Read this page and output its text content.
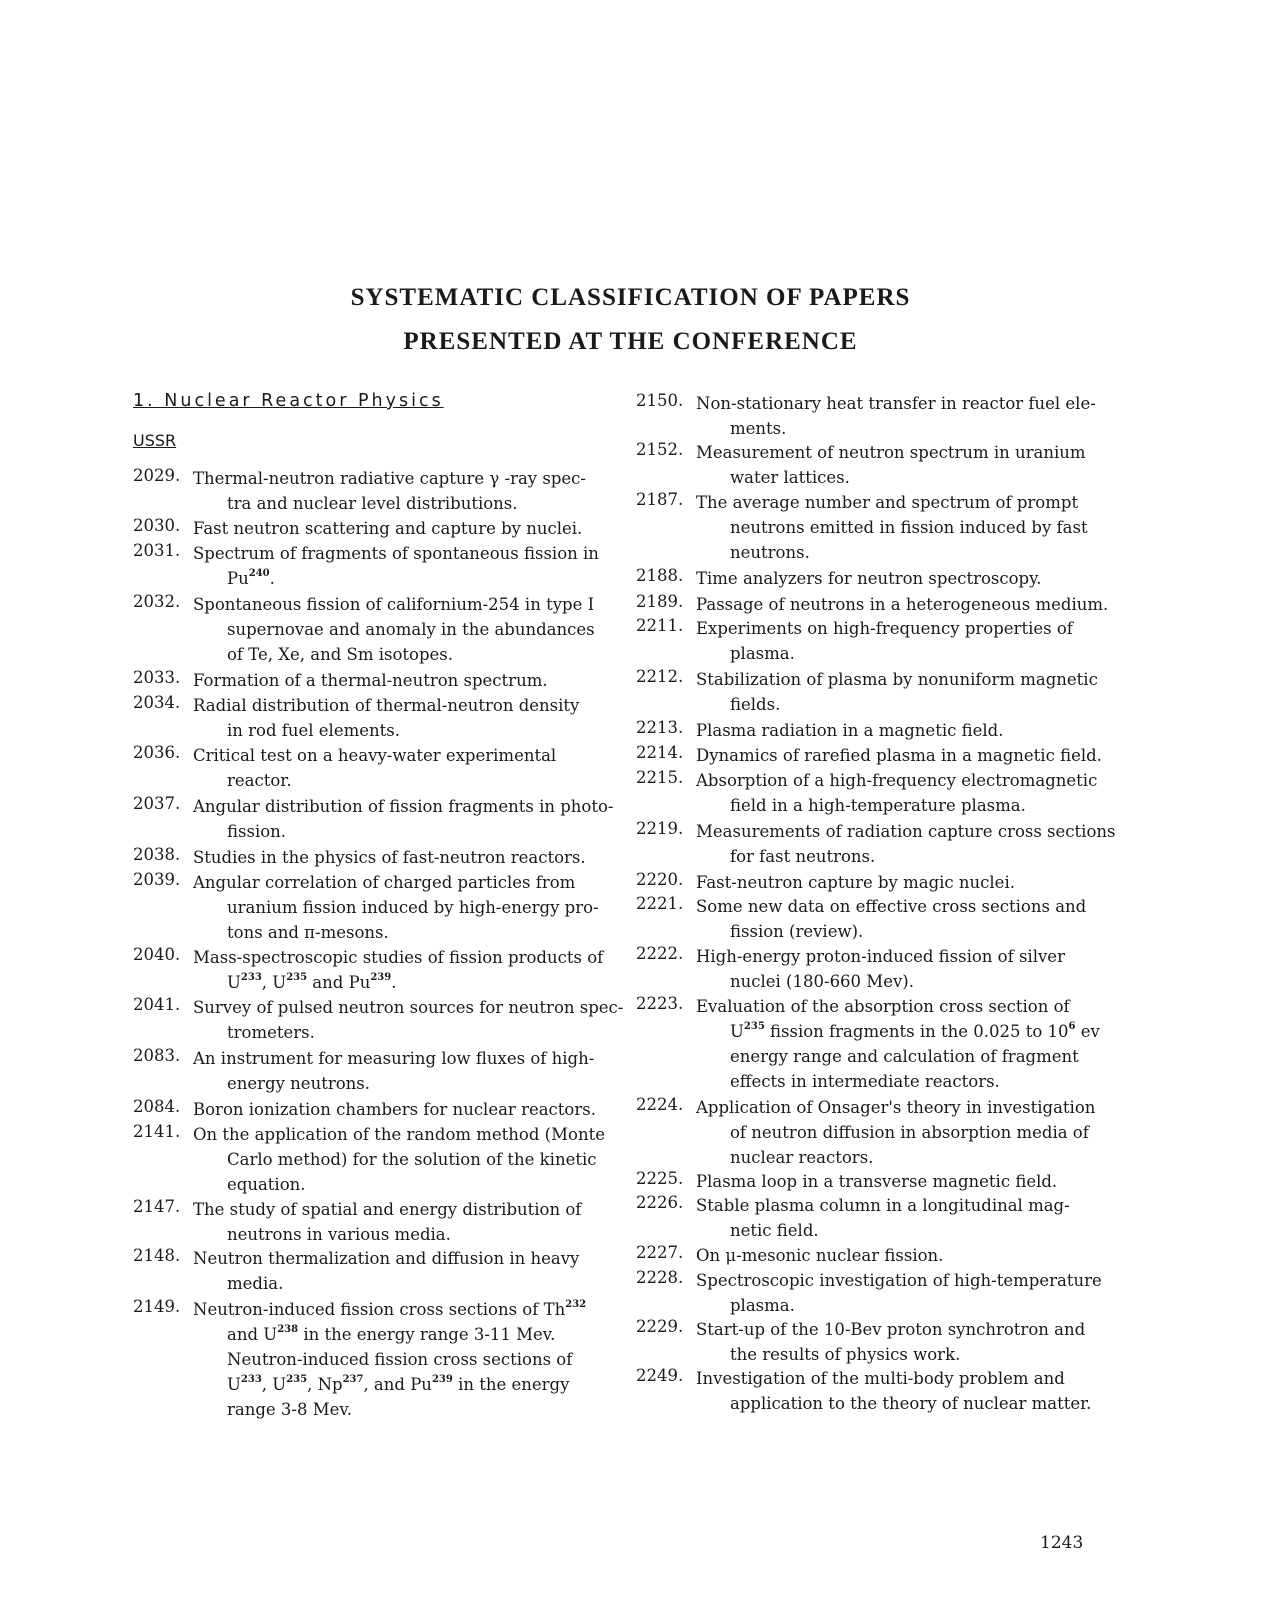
SYSTEMATIC CLASSIFICATION OF PAPERS
PRESENTED AT THE CONFERENCE
1. Nuclear Reactor Physics
USSR
2029. Thermal-neutron radiative capture γ -ray spec-
tra and nuclear level distributions.
2030. Fast neutron scattering and capture by nuclei.
2031. Spectrum of fragments of spontaneous fission in
Pu$^{240}$.
2032. Spontaneous fission of californium-254 in type I
supernovae and anomaly in the abundances
of Te, Xe, and Sm isotopes.
2033. Formation of a thermal-neutron spectrum.
2034. Radial distribution of thermal-neutron density
in rod fuel elements.
2036. Critical test on a heavy-water experimental
reactor.
2037. Angular distribution of fission fragments in photo-
fission.
2038. Studies in the physics of fast-neutron reactors.
2039. Angular correlation of charged particles from
uranium fission induced by high-energy pro-
tons and π-mesons.
2040. Mass-spectroscopic studies of fission products of
$U^{233}$, $U^{235}$ and Pu$^{239}$.
2041. Survey of pulsed neutron sources for neutron spec-
trometers.
2083. An instrument for measuring low fluxes of high-
energy neutrons.
2084. Boron ionization chambers for nuclear reactors.
2141. On the application of the random method (Monte
Carlo method) for the solution of the kinetic
equation.
2147. The study of spatial and energy distribution of
neutrons in various media.
2148. Neutron thermalization and diffusion in heavy
media.
2149. Neutron-induced fission cross sections of Th$^{232}$
and $U^{238}$ in the energy range 3-11 Mev.
Neutron-induced fission cross sections of
$U^{233}$, $U^{235}$, Np$^{237}$, and Pu$^{239}$ in the energy
range 3-8 Mev.
2150. Non-stationary heat transfer in reactor fuel ele-
ments.
2152. Measurement of neutron spectrum in uranium
water lattices.
2187. The average number and spectrum of prompt
neutrons emitted in fission induced by fast
neutrons.
2188. Time analyzers for neutron spectroscopy.
2189. Passage of neutrons in a heterogeneous medium.
2211. Experiments on high-frequency properties of
plasma.
2212. Stabilization of plasma by nonuniform magnetic
fields.
2213. Plasma radiation in a magnetic field.
2214. Dynamics of rarefied plasma in a magnetic field.
2215. Absorption of a high-frequency electromagnetic
field in a high-temperature plasma.
2219. Measurements of radiation capture cross sections
for fast neutrons.
2220. Fast-neutron capture by magic nuclei.
2221. Some new data on effective cross sections and
fission (review).
2222. High-energy proton-induced fission of silver
nuclei (180-660 Mev).
2223. Evaluation of the absorption cross section of
$U^{235}$ fission fragments in the 0.025 to $10^6$ ev
energy range and calculation of fragment
effects in intermediate reactors.
2224. Application of Onsager's theory in investigation
of neutron diffusion in absorption media of
nuclear reactors.
2225. Plasma loop in a transverse magnetic field.
2226. Stable plasma column in a longitudinal mag-
netic field.
2227. On μ-mesonic nuclear fission.
2228. Spectroscopic investigation of high-temperature
plasma.
2229. Start-up of the 10-Bev proton synchrotron and
the results of physics work.
2249. Investigation of the multi-body problem and
application to the theory of nuclear matter.
1243
